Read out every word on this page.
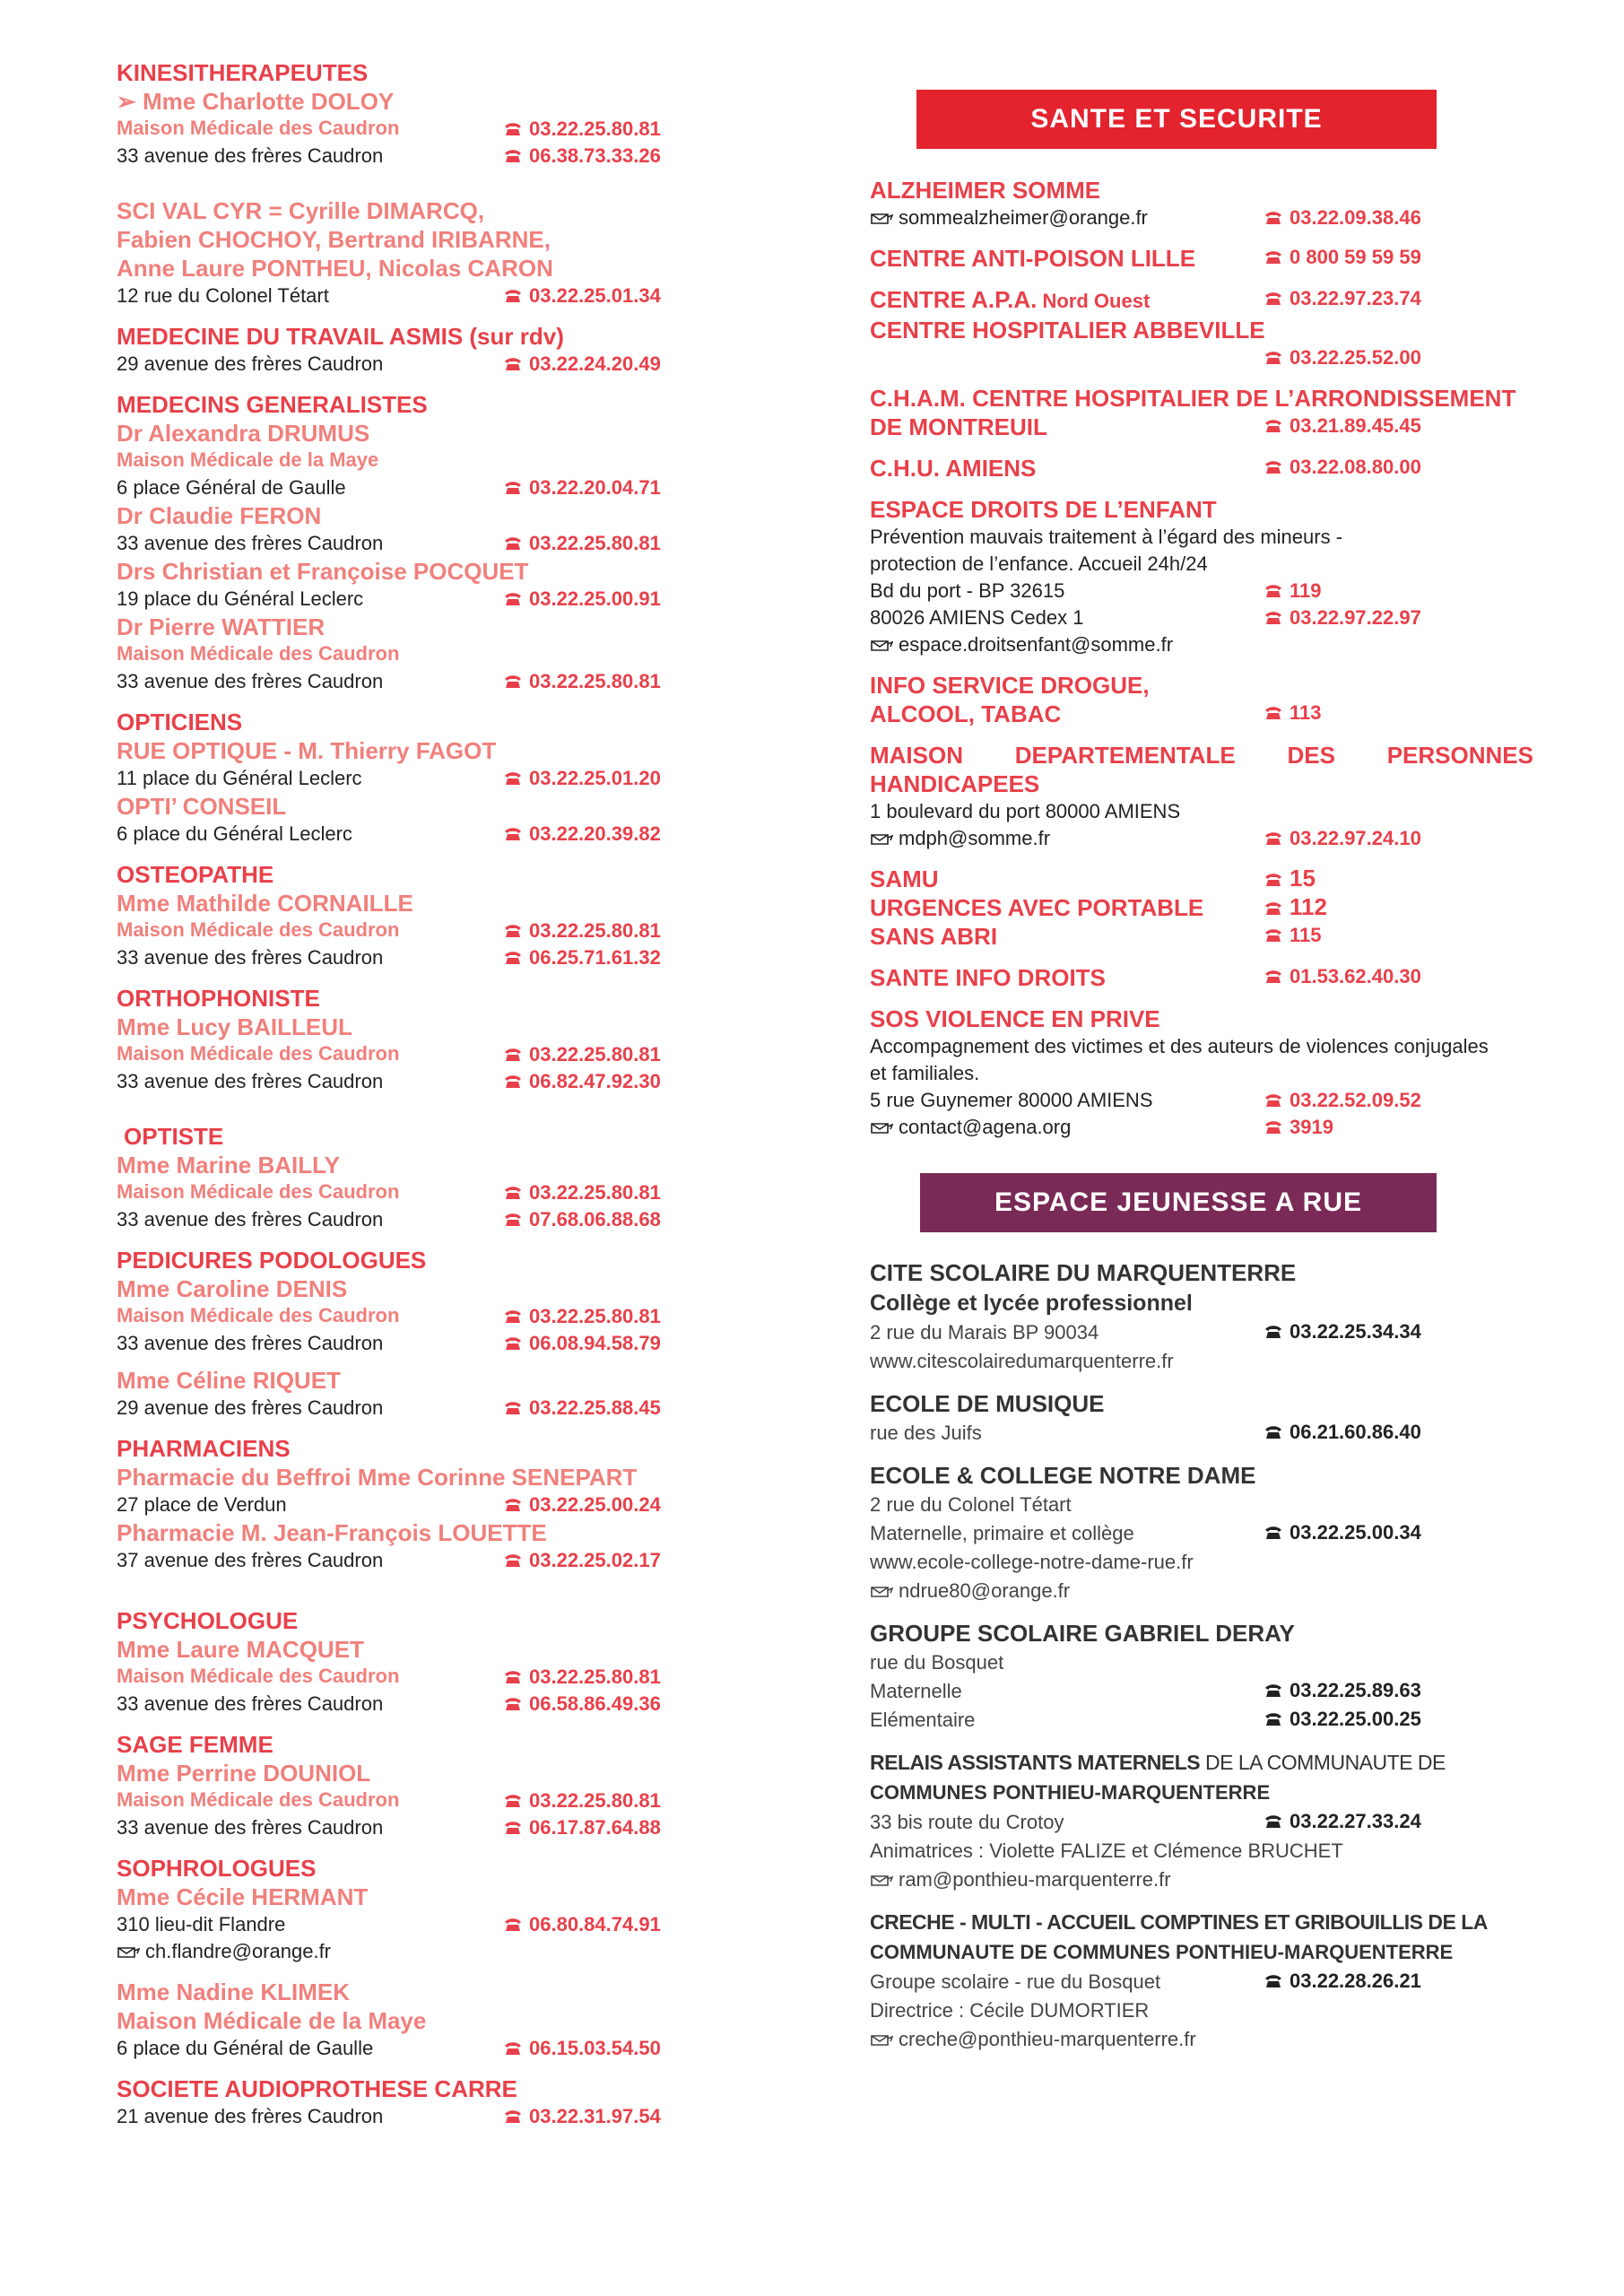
KINESITHERAPEUTES
➢ Mme Charlotte DOLOY
Maison Médicale des Caudron	03.22.25.80.81
33 avenue des frères Caudron	06.38.73.33.26
SCI VAL CYR = Cyrille DIMARCQ,
Fabien CHOCHOY, Bertrand IRIBARNE,
Anne Laure PONTHEU, Nicolas CARON
12 rue du Colonel Tétart	03.22.25.01.34
MEDECINE DU TRAVAIL ASMIS (sur rdv)
29 avenue des frères Caudron	03.22.24.20.49
MEDECINS GENERALISTES
Dr Alexandra DRUMUS
Maison Médicale de la Maye
6 place Général de Gaulle	03.22.20.04.71
Dr Claudie FERON
33 avenue des frères Caudron	03.22.25.80.81
Drs Christian et Françoise POCQUET
19 place du Général Leclerc	03.22.25.00.91
Dr Pierre WATTIER
Maison Médicale des Caudron
33 avenue des frères Caudron	03.22.25.80.81
OPTICIENS
RUE OPTIQUE - M. Thierry FAGOT
11 place du Général Leclerc	03.22.25.01.20
OPTI’ CONSEIL
6 place du Général Leclerc	03.22.20.39.82
OSTEOPATHE
Mme Mathilde CORNAILLE
Maison Médicale des Caudron	03.22.25.80.81
33 avenue des frères Caudron	06.25.71.61.32
ORTHOPHONISTE
Mme Lucy BAILLEUL
Maison Médicale des Caudron	03.22.25.80.81
33 avenue des frères Caudron	06.82.47.92.30
OPTISTE
Mme Marine BAILLY
Maison Médicale des Caudron	03.22.25.80.81
33 avenue des frères Caudron	07.68.06.88.68
PEDICURES PODOLOGUES
Mme Caroline DENIS
Maison Médicale des Caudron	03.22.25.80.81
33 avenue des frères Caudron	06.08.94.58.79
Mme Céline RIQUET
29 avenue des frères Caudron	03.22.25.88.45
PHARMACIENS
Pharmacie du Beffroi Mme Corinne SENEPART
27 place de Verdun	03.22.25.00.24
Pharmacie M. Jean-François LOUETTE
37 avenue des frères Caudron	03.22.25.02.17
PSYCHOLOGUE
Mme Laure MACQUET
Maison Médicale des Caudron	03.22.25.80.81
33 avenue des frères Caudron	06.58.86.49.36
SAGE FEMME
Mme Perrine DOUNIOL
Maison Médicale des Caudron	03.22.25.80.81
33 avenue des frères Caudron	06.17.87.64.88
SOPHROLOGUES
Mme Cécile HERMANT
310 lieu-dit Flandre	06.80.84.74.91
ch.flandre@orange.fr
Mme Nadine KLIMEK
Maison Médicale de la Maye
6 place du Général de Gaulle	06.15.03.54.50
SOCIETE AUDIOPROTHESE CARRE
21 avenue des frères Caudron	03.22.31.97.54
SANTE ET SECURITE
ALZHEIMER SOMME
sommealzheimer@orange.fr	03.22.09.38.46
CENTRE ANTI-POISON LILLE	0 800 59 59 59
CENTRE A.P.A. Nord Ouest	03.22.97.23.74
CENTRE HOSPITALIER ABBEVILLE
03.22.25.52.00
C.H.A.M. CENTRE HOSPITALIER DE L’ARRONDISSEMENT
DE MONTREUIL	03.21.89.45.45
C.H.U. AMIENS	03.22.08.80.00
ESPACE DROITS DE L’ENFANT
Prévention mauvais traitement à l’égard des mineurs -
protection de l’enfance. Accueil 24h/24
Bd du port - BP 32615	119
80026 AMIENS Cedex 1	03.22.97.22.97
espace.droitsenfant@somme.fr
INFO SERVICE DROGUE,
ALCOOL, TABAC	113
MAISON DEPARTEMENTALE DES PERSONNES
HANDICAPEES
1 boulevard du port 80000 AMIENS
mdph@somme.fr	03.22.97.24.10
SAMU	15
URGENCES AVEC PORTABLE	112
SANS ABRI	115
SANTE INFO DROITS	01.53.62.40.30
SOS VIOLENCE EN PRIVE
Accompagnement des victimes et des auteurs de violences conjugales
et familiales.
5 rue Guynemer 80000 AMIENS	03.22.52.09.52
contact@agena.org	3919
ESPACE JEUNESSE A RUE
CITE SCOLAIRE DU MARQUENTERRE
Collège et lycée professionnel
2 rue du Marais BP 90034	03.22.25.34.34
www.citescolairedumarquenterre.fr
ECOLE DE MUSIQUE
rue des Juifs	06.21.60.86.40
ECOLE & COLLEGE NOTRE DAME
2 rue du Colonel Tétart
Maternelle, primaire et collège	03.22.25.00.34
www.ecole-college-notre-dame-rue.fr
ndrue80@orange.fr
GROUPE SCOLAIRE GABRIEL DERAY
rue du Bosquet
Maternelle	03.22.25.89.63
Elémentaire	03.22.25.00.25
RELAIS ASSISTANTS MATERNELS DE LA COMMUNAUTE DE
COMMUNES PONTHIEU-MARQUENTERRE
33 bis route du Crotoy	03.22.27.33.24
Animatrices : Violette FALIZE et Clémence BRUCHET
ram@ponthieu-marquenterre.fr
CRECHE - MULTI - ACCUEIL COMPTINES ET GRIBOUILLIS DE LA
COMMUNAUTE DE COMMUNES PONTHIEU-MARQUENTERRE
Groupe scolaire - rue du Bosquet	03.22.28.26.21
Directrice : Cécile DUMORTIER
creche@ponthieu-marquenterre.fr
